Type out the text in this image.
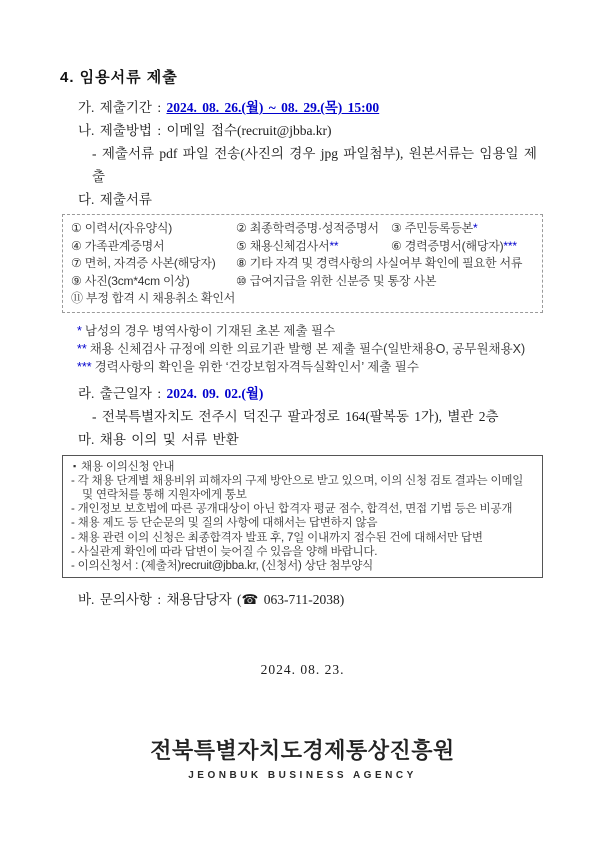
4. 임용서류 제출
가. 제출기간 : 2024. 08. 26.(월) ~ 08. 29.(목) 15:00
나. 제출방법 : 이메일 접수(recruit@jbba.kr)
- 제출서류 pdf 파일 전송(사진의 경우 jpg 파일첨부), 원본서류는 임용일 제출
다. 제출서류
① 이력서(자유양식)	② 최종학력증명·성적증명서	③ 주민등록등본*
④ 가족관계증명서	⑤ 채용신체검사서**	⑥ 경력증명서(해당자)***
⑦ 면허, 자격증 사본(해당자)	⑧ 기타 자격 및 경력사항의 사실여부 확인에 필요한 서류
⑨ 사진(3cm*4cm 이상)	⑩ 급여지급을 위한 신분증 및 통장 사본
⑪ 부정 합격 시 채용취소 확인서
* 남성의 경우 병역사항이 기재된 초본 제출 필수
** 채용 신체검사 규정에 의한 의료기관 발행 본 제출 필수(일반채용O, 공무원채용X)
*** 경력사항의 확인을 위한 ‘건강보험자격득실확인서’ 제출 필수
라. 출근일자 : 2024. 09. 02.(월)
- 전북특별자치도 전주시 덕진구 팔과정로 164(팔복동 1가), 별관 2층
마. 채용 이의 및 서류 반환
▪ 채용 이의신청 안내
- 각 채용 단계별 채용비위 피해자의 구제 방안으로 받고 있으며, 이의 신청 검토 결과는 이메일 및 연락처를 통해 지원자에게 통보
- 개인정보 보호법에 따른 공개대상이 아닌 합격자 평균 점수, 합격선, 면접 기법 등은 비공개
- 채용 제도 등 단순문의 및 질의 사항에 대해서는 답변하지 않음
- 채용 관련 이의 신청은 최종합격자 발표 후, 7일 이내까지 접수된 건에 대해서만 답변
- 사실관계 확인에 따라 답변이 늦어질 수 있음을 양해 바랍니다.
- 이의신청서 : (제출처)recruit@jbba.kr, (신청서) 상단 첨부양식
바. 문의사항 : 채용담당자 (☎ 063-711-2038)
2024. 08. 23.
전북특별자치도경제통상진흥원
JEONBUK BUSINESS AGENCY
